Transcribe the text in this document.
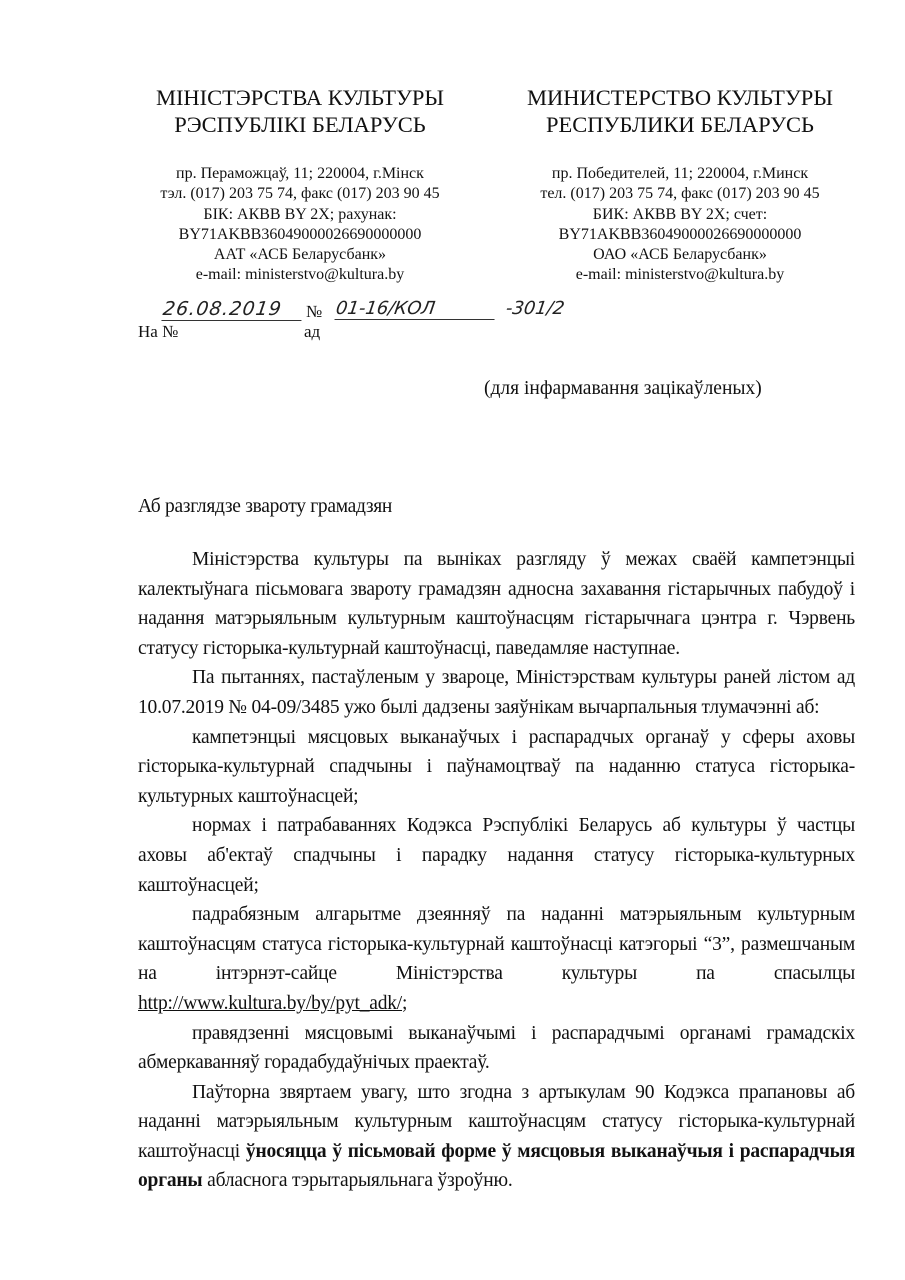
МІНІСТЭРСТВА КУЛЬТУРЫ
РЭСПУБЛІКІ БЕЛАРУСЬ
пр. Пераможцаў, 11; 220004, г.Мінск
тэл. (017) 203 75 74, факс (017) 203 90 45
БІК: АКВВ BY 2X; рахунак:
BY71AKBB36049000026690000000
ААТ «АСБ Беларусбанк»
e-mail: ministerstvo@kultura.by
МИНИСТЕРСТВО КУЛЬТУРЫ
РЕСПУБЛИКИ БЕЛАРУСЬ
пр. Победителей, 11; 220004, г.Минск
тел. (017) 203 75 74, факс (017) 203 90 45
БИК: АКВВ BY 2X; счет:
BY71AKBB36049000026690000000
ОАО «АСБ Беларусбанк»
e-mail: ministerstvo@kultura.by
26.08.2019	№ 01-16/КОЛ	-301/2
На №	ад
(для інфармавання зацікаўленых)
Аб разглядзе звароту грамадзян

Міністэрства культуры па выніках разгляду ў межах сваёй кампетэнцыі калектыўнага пісьмовага звароту грамадзян адносна захавання гістарычных пабудоў і надання матэрыяльным культурным каштоўнасцям гістарычнага цэнтра г. Чэрвень статусу гісторыка-культурнай каштоўнасці, паведамляе наступнае.

Па пытаннях, пастаўленым у звароце, Міністэрствам культуры раней лістом ад 10.07.2019 № 04-09/3485 ужо былі дадзены заяўнікам вычарпальныя тлумачэнні аб:

кампетэнцыі мясцовых выканаўчых і распарадчых органаў у сферы аховы гісторыка-культурнай спадчыны і паўнамоцтваў па наданню статуса гісторыка-культурных каштоўнасцей;

нормах і патрабаваннях Кодэкса Рэспублікі Беларусь аб культуры ў частцы аховы аб'ектаў спадчыны і парадку надання статусу гісторыка-культурных каштоўнасцей;

падрабязным алгарытме дзеянняў па наданні матэрыяльным культурным каштоўнасцям статуса гісторыка-культурнай каштоўнасці катэгорыі “3”, размешчаным на інтэрнэт-сайце Міністэрства культуры па спасылцы http://www.kultura.by/by/pyt_adk/;

правядзенні мясцовымі выканаўчымі і распарадчымі органамі грамадскіх абмеркаванняў горадабудаўнічых праектаў.

Паўторна звяртаем увагу, што згодна з артыкулам 90 Кодэкса прапановы аб наданні матэрыяльным культурным каштоўнасцям статусу гісторыка-культурнай каштоўнасці ўносяцца ў пісьмовай форме ў мясцовыя выканаўчыя і распарадчыя органы абласнога тэрытарыяльнага ўзроўню.
